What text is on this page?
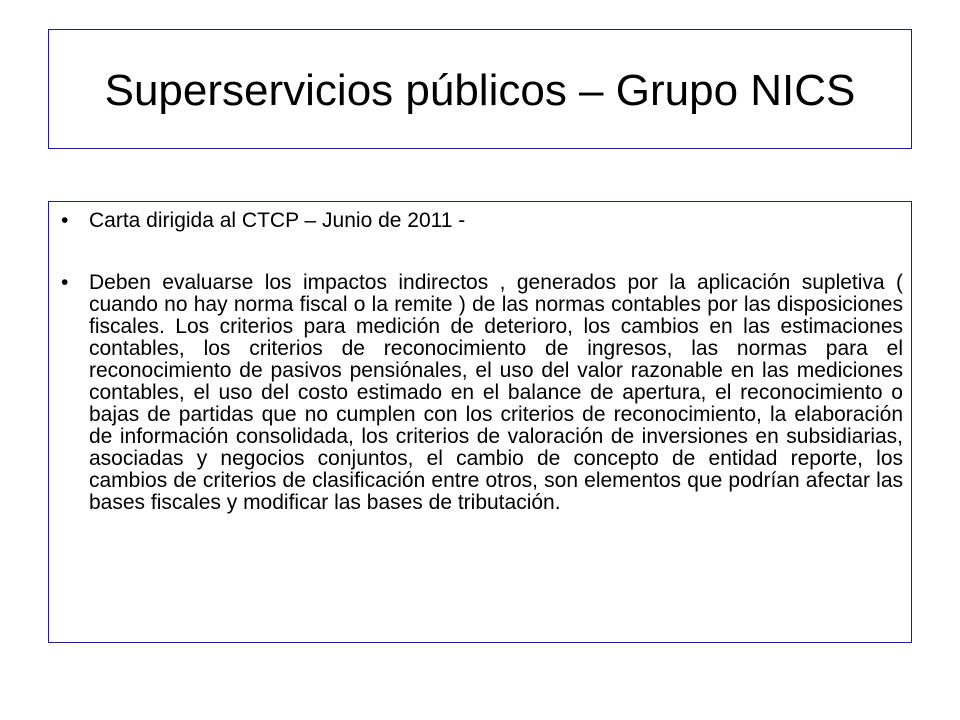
Superservicios públicos – Grupo NICS
• Carta dirigida al CTCP – Junio de 2011 -
• Deben evaluarse los impactos indirectos , generados por la aplicación supletiva ( cuando no hay norma fiscal o la remite ) de las normas contables por las disposiciones fiscales. Los criterios para medición de deterioro, los cambios en las estimaciones contables, los criterios de reconocimiento de ingresos, las normas para el reconocimiento de pasivos pensiónales, el uso del valor razonable en las mediciones contables, el uso del costo estimado en el balance de apertura, el reconocimiento o bajas de partidas que no cumplen con los criterios de reconocimiento, la elaboración de información consolidada, los criterios de valoración de inversiones en subsidiarias, asociadas y negocios conjuntos, el cambio de concepto de entidad reporte, los cambios de criterios de clasificación entre otros, son elementos que podrían afectar las bases fiscales y modificar las bases de tributación.
